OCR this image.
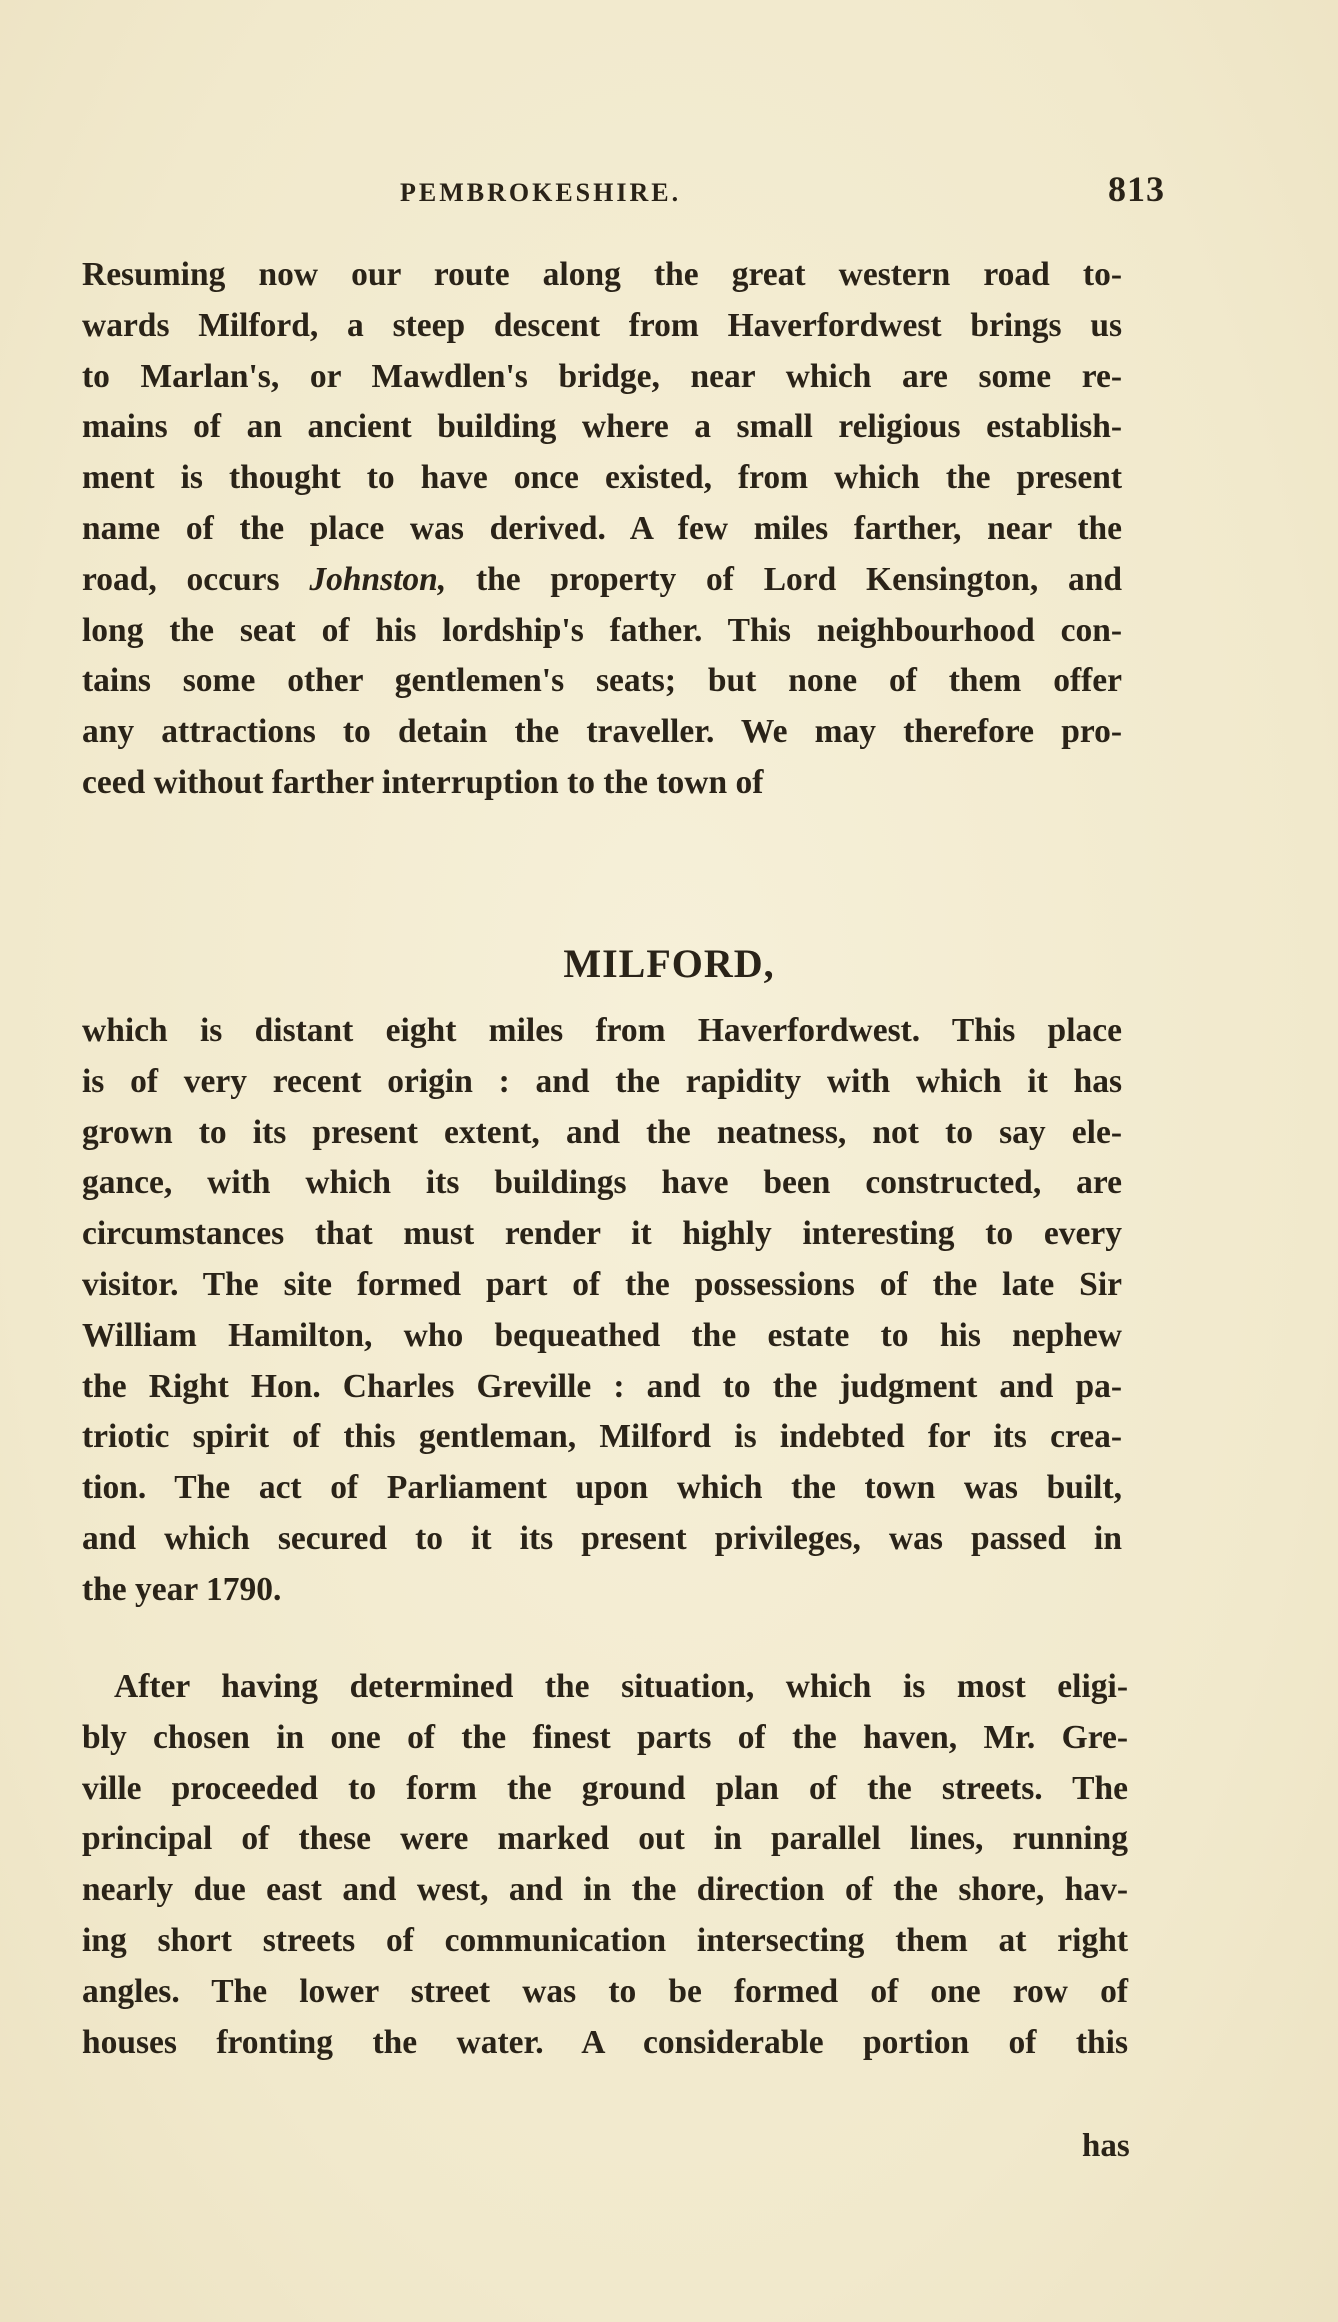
PEMBROKESHIRE.	813

Resuming now our route along the great western road to-
wards Milford, a steep descent from Haverfordwest brings us
to Marlan's, or Mawdlen's bridge, near which are some re-
mains of an ancient building where a small religious establish-
ment is thought to have once existed, from which the present
name of the place was derived. A few miles farther, near the
road, occurs Johnston, the property of Lord Kensington, and
long the seat of his lordship's father. This neighbourhood con-
tains some other gentlemen's seats; but none of them offer
any attractions to detain the traveller. We may therefore pro-
ceed without farther interruption to the town of

MILFORD,

which is distant eight miles from Haverfordwest. This place
is of very recent origin : and the rapidity with which it has
grown to its present extent, and the neatness, not to say ele-
gance, with which its buildings have been constructed, are
circumstances that must render it highly interesting to every
visitor. The site formed part of the possessions of the late Sir
William Hamilton, who bequeathed the estate to his nephew
the Right Hon. Charles Greville : and to the judgment and pa-
triotic spirit of this gentleman, Milford is indebted for its crea-
tion. The act of Parliament upon which the town was built,
and which secured to it its present privileges, was passed in
the year 1790.

After having determined the situation, which is most eligi-
bly chosen in one of the finest parts of the haven, Mr. Gre-
ville proceeded to form the ground plan of the streets. The
principal of these were marked out in parallel lines, running
nearly due east and west, and in the direction of the shore, hav-
ing short streets of communication intersecting them at right
angles. The lower street was to be formed of one row of
houses fronting the water. A considerable portion of this

has
